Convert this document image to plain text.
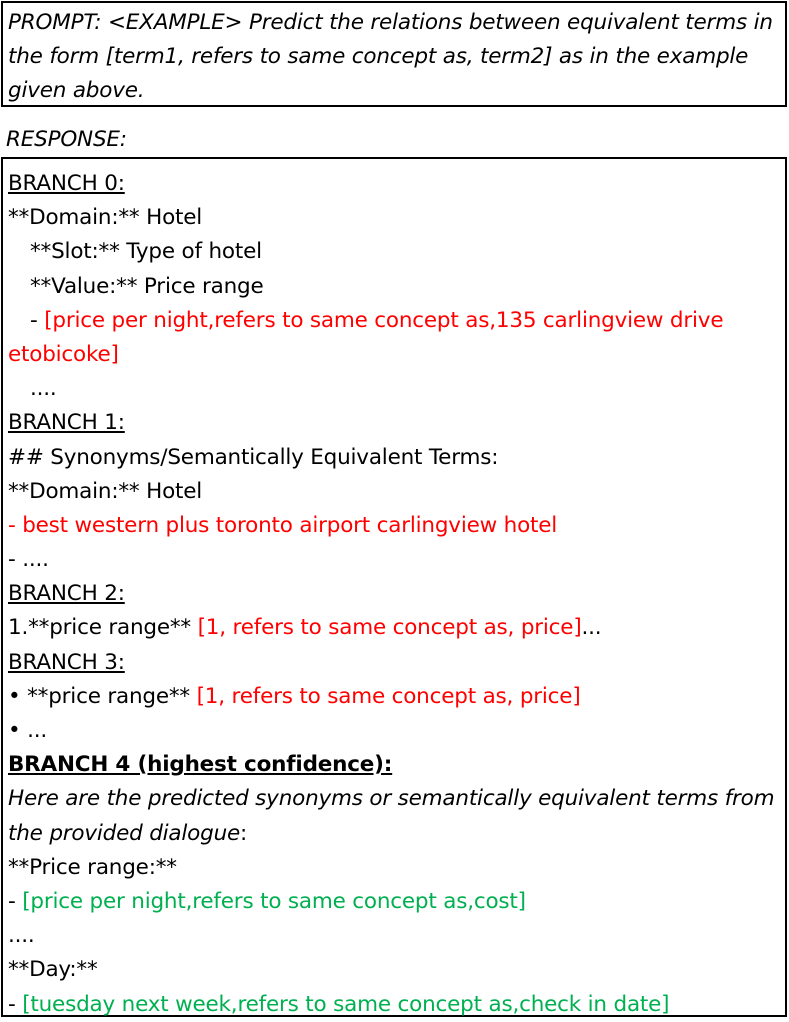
PROMPT: <EXAMPLE> Predict the relations between equivalent terms in the form [term1, refers to same concept as, term2] as in the example given above.
RESPONSE:
BRANCH 0:
**Domain:** Hotel
**Slot:** Type of hotel
**Value:** Price range
- [price per night,refers to same concept as,135 carlingview drive etobicoke]
....
BRANCH 1:
## Synonyms/Semantically Equivalent Terms:
**Domain:** Hotel
- best western plus toronto airport carlingview hotel
- ....
BRANCH 2:
1.**price range** [1, refers to same concept as, price]...
BRANCH 3:
• **price range** [1, refers to same concept as, price]
• ...
BRANCH 4 (highest confidence):
Here are the predicted synonyms or semantically equivalent terms from the provided dialogue:
**Price range:**
- [price per night,refers to same concept as,cost]
....
**Day:**
- [tuesday next week,refers to same concept as,check in date]
